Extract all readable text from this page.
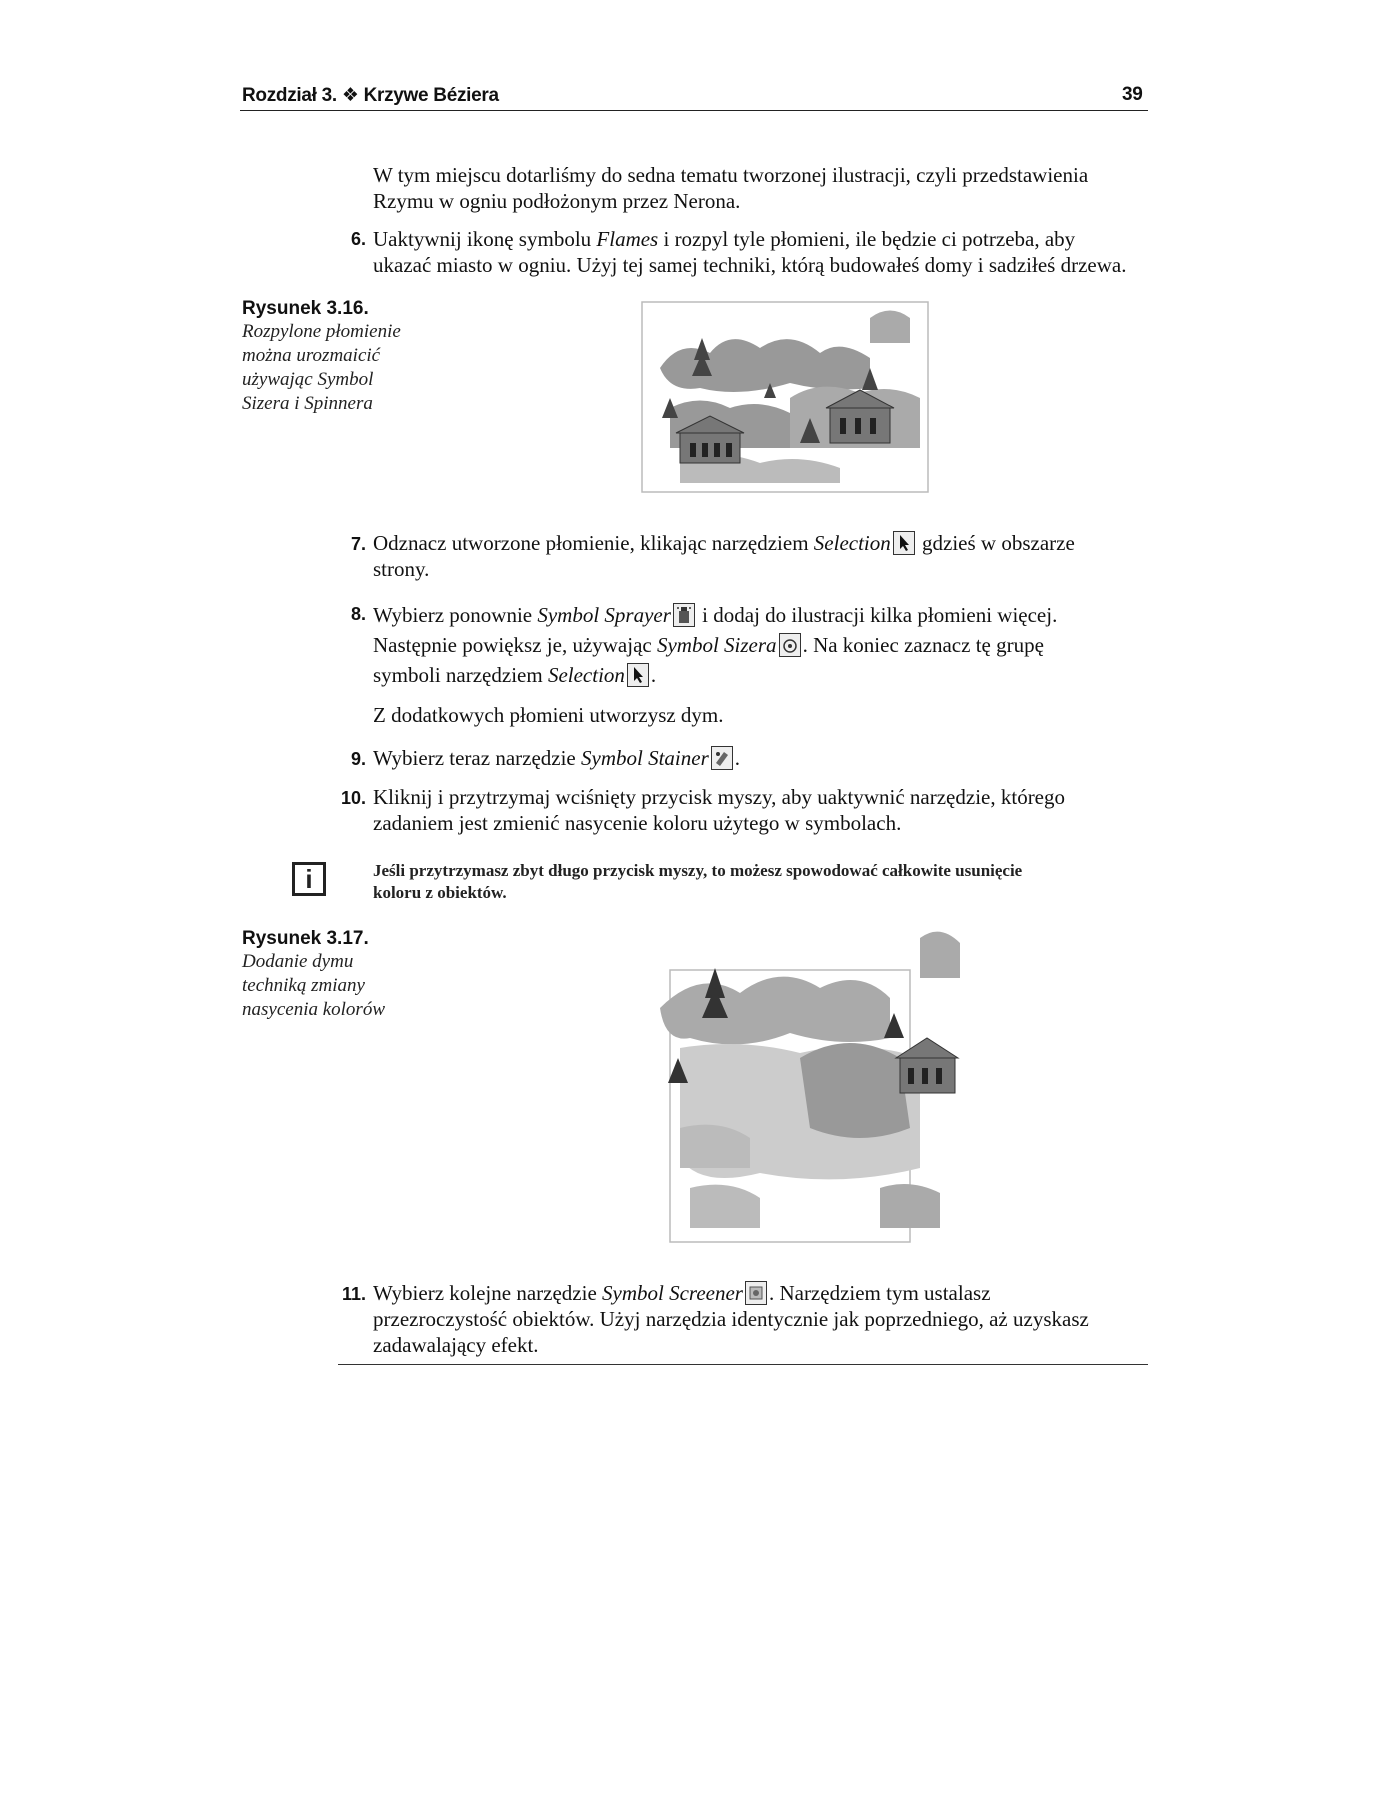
Rozdział 3. ❖ Krzywe Béziera	39
W tym miejscu dotarliśmy do sedna tematu tworzonej ilustracji, czyli przedstawienia
Rzymu w ogniu podłożonym przez Nerona.
6. Uaktywnij ikonę symbolu Flames i rozpyl tyle płomieni, ile będzie ci potrzeba, aby
ukazać miasto w ogniu. Użyj tej samej techniki, którą budowałeś domy i sadziłeś drzewa.
Rysunek 3.16.
Rozpylone płomienie
można urozmaicić
używając Symbol
Sizera i Spinnera
7. Odznacz utworzone płomienie, klikając narzędziem Selection
gdzieś w obszarze
strony.
8. Wybierz ponownie Symbol Sprayer
i dodaj do ilustracji kilka płomieni więcej.
Następnie powiększ je, używając Symbol Sizera . Na koniec zaznacz tę grupę
symboli narzędziem Selection .
Z dodatkowych płomieni utworzysz dym.
9. Wybierz teraz narzędzie Symbol Stainer .
10. Kliknij i przytrzymaj wciśnięty przycisk myszy, aby uaktywnić narzędzie, którego
zadaniem jest zmienić nasycenie koloru użytego w symbolach.
i	Jeśli przytrzymasz zbyt długo przycisk myszy, to możesz spowodować całkowite usunięcie
koloru z obiektów.
Rysunek 3.17.
Dodanie dymu
techniką zmiany
nasycenia kolorów
11. Wybierz kolejne narzędzie Symbol Screener . Narzędziem tym ustalasz
przezroczystość obiektów. Użyj narzędzia identycznie jak poprzedniego, aż uzyskasz
zadawalający efekt.
